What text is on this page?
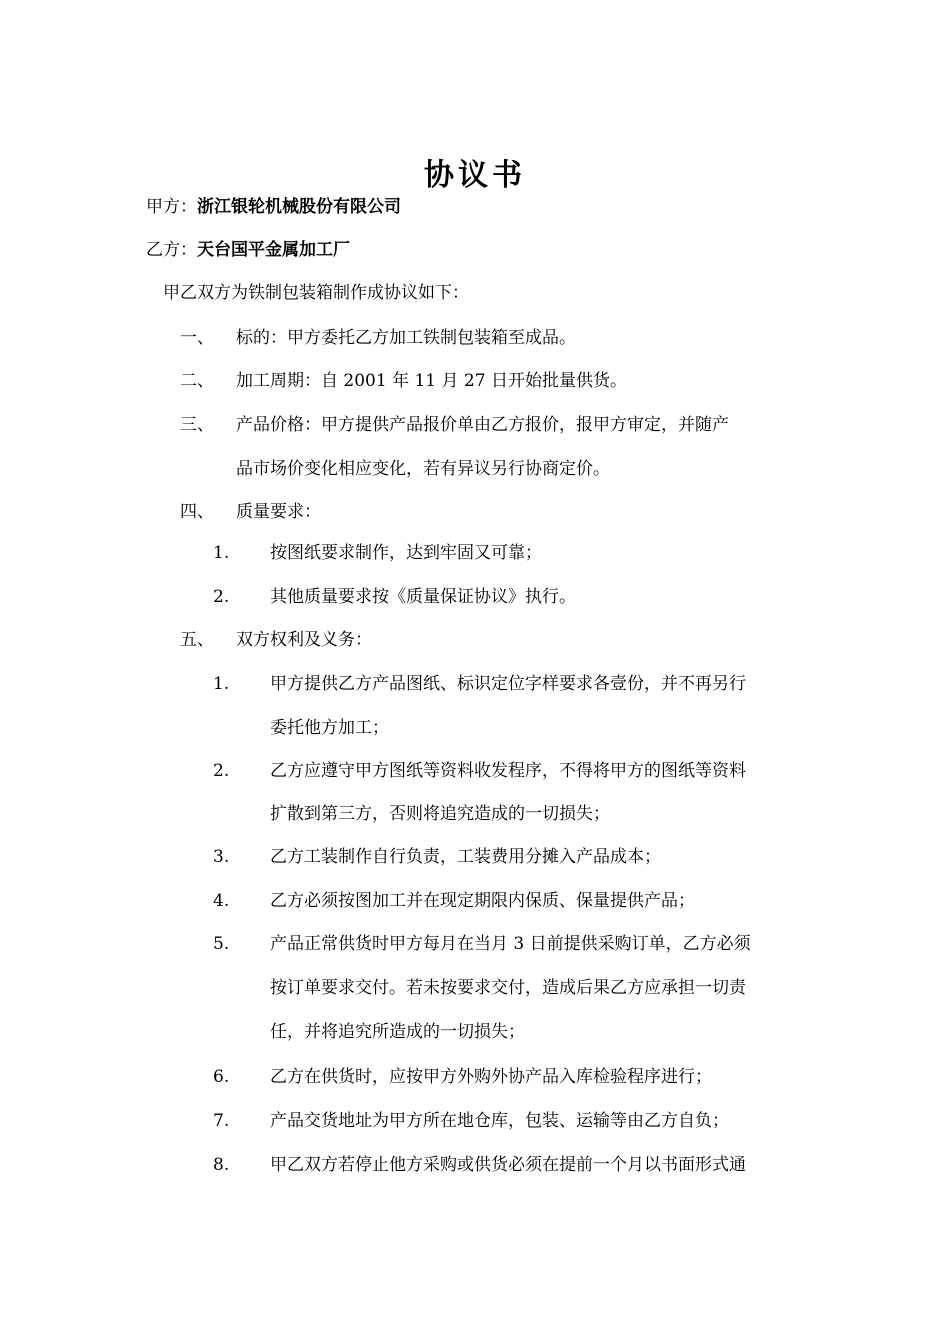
协议书
甲方：浙江银轮机械股份有限公司
乙方：天台国平金属加工厂
甲乙双方为铁制包装箱制作成协议如下：
一、 标的：甲方委托乙方加工铁制包装箱至成品。
二、 加工周期：自 2001 年 11 月 27 日开始批量供货。
三、 产品价格：甲方提供产品报价单由乙方报价，报甲方审定，并随产
品市场价变化相应变化，若有异议另行协商定价。
四、 质量要求：
1. 按图纸要求制作，达到牢固又可靠；
2. 其他质量要求按《质量保证协议》执行。
五、 双方权利及义务：
1. 甲方提供乙方产品图纸、标识定位字样要求各壹份，并不再另行
委托他方加工；
2. 乙方应遵守甲方图纸等资料收发程序，不得将甲方的图纸等资料
扩散到第三方，否则将追究造成的一切损失；
3. 乙方工装制作自行负责，工装费用分摊入产品成本；
4. 乙方必须按图加工并在现定期限内保质、保量提供产品；
5. 产品正常供货时甲方每月在当月 3 日前提供采购订单，乙方必须
按订单要求交付。若未按要求交付，造成后果乙方应承担一切责
任，并将追究所造成的一切损失；
6. 乙方在供货时，应按甲方外购外协产品入库检验程序进行；
7. 产品交货地址为甲方所在地仓库，包装、运输等由乙方自负；
8. 甲乙双方若停止他方采购或供货必须在提前一个月以书面形式通
